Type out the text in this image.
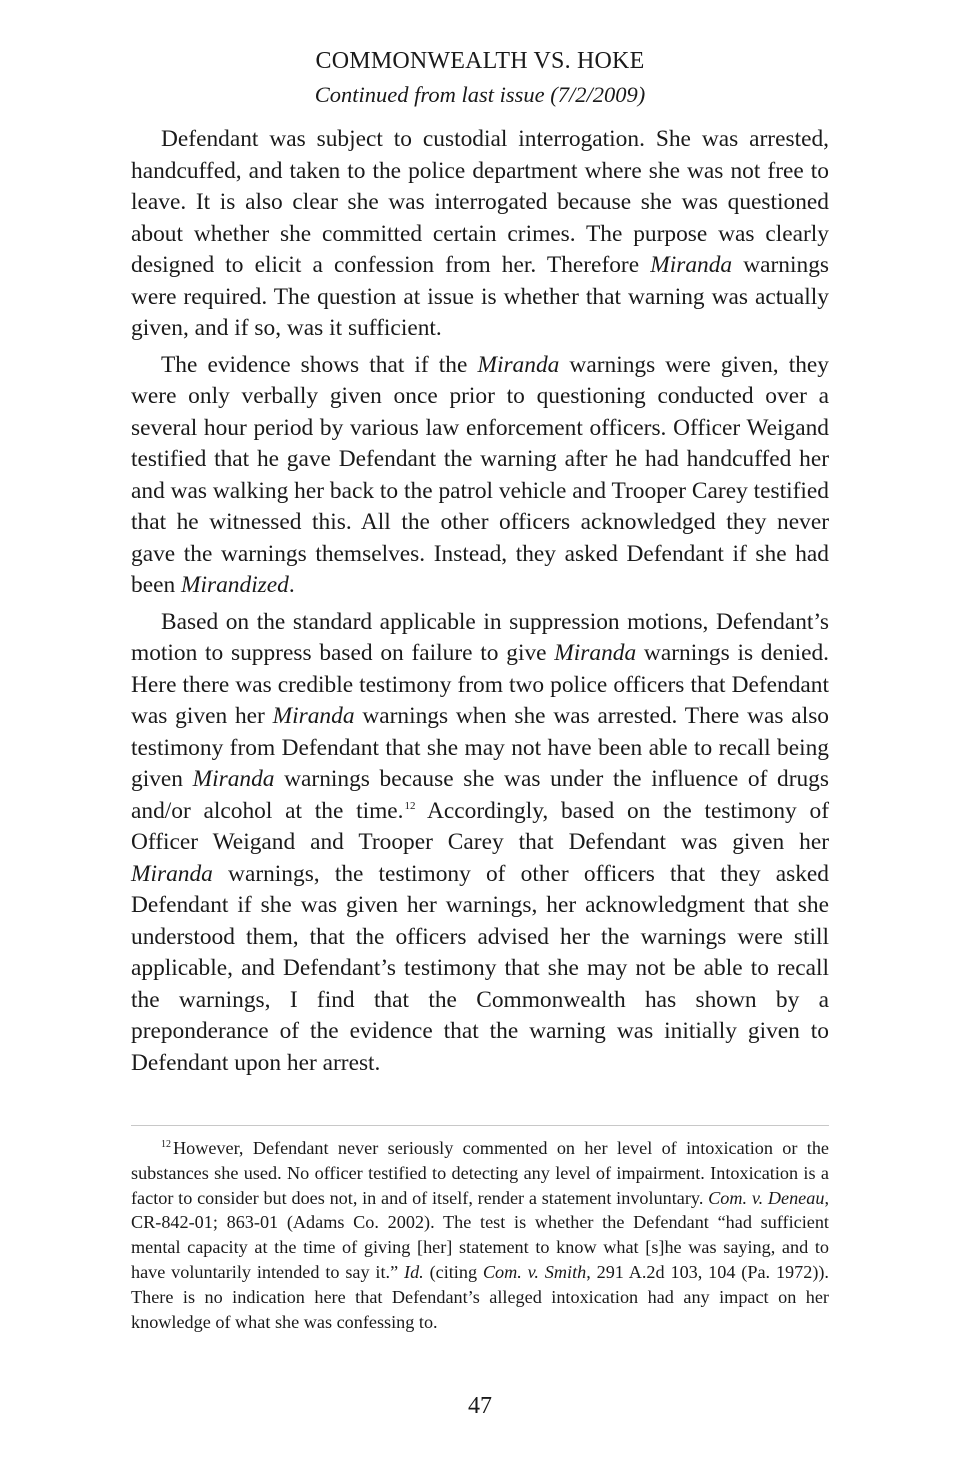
COMMONWEALTH VS. HOKE
Continued from last issue (7/2/2009)

Defendant was subject to custodial interrogation. She was arrested, handcuffed, and taken to the police department where she was not free to leave. It is also clear she was interrogated because she was questioned about whether she committed certain crimes. The purpose was clearly designed to elicit a confession from her. Therefore Miranda warnings were required. The question at issue is whether that warning was actually given, and if so, was it sufficient.

The evidence shows that if the Miranda warnings were given, they were only verbally given once prior to questioning conducted over a several hour period by various law enforcement officers. Officer Weigand testified that he gave Defendant the warning after he had handcuffed her and was walking her back to the patrol vehicle and Trooper Carey testified that he witnessed this. All the other officers acknowledged they never gave the warnings themselves. Instead, they asked Defendant if she had been Mirandized.

Based on the standard applicable in suppression motions, Defendant’s motion to suppress based on failure to give Miranda warnings is denied. Here there was credible testimony from two police officers that Defendant was given her Miranda warnings when she was arrested. There was also testimony from Defendant that she may not have been able to recall being given Miranda warnings because she was under the influence of drugs and/or alcohol at the time.$^{12}$ Accordingly, based on the testimony of Officer Weigand and Trooper Carey that Defendant was given her Miranda warnings, the testimony of other officers that they asked Defendant if she was given her warnings, her acknowledgment that she understood them, that the officers advised her the warnings were still applicable, and Defendant’s testimony that she may not be able to recall the warnings, I find that the Commonwealth has shown by a preponderance of the evidence that the warning was initially given to Defendant upon her arrest.

$^{12}$ However, Defendant never seriously commented on her level of intoxication or the substances she used. No officer testified to detecting any level of impairment. Intoxication is a factor to consider but does not, in and of itself, render a statement involuntary. Com. v. Deneau, CR-842-01; 863-01 (Adams Co. 2002). The test is whether the Defendant “had sufficient mental capacity at the time of giving [her] statement to know what [s]he was saying, and to have voluntarily intended to say it.” Id. (citing Com. v. Smith, 291 A.2d 103, 104 (Pa. 1972)). There is no indication here that Defendant’s alleged intoxication had any impact on her knowledge of what she was confessing to.

47
